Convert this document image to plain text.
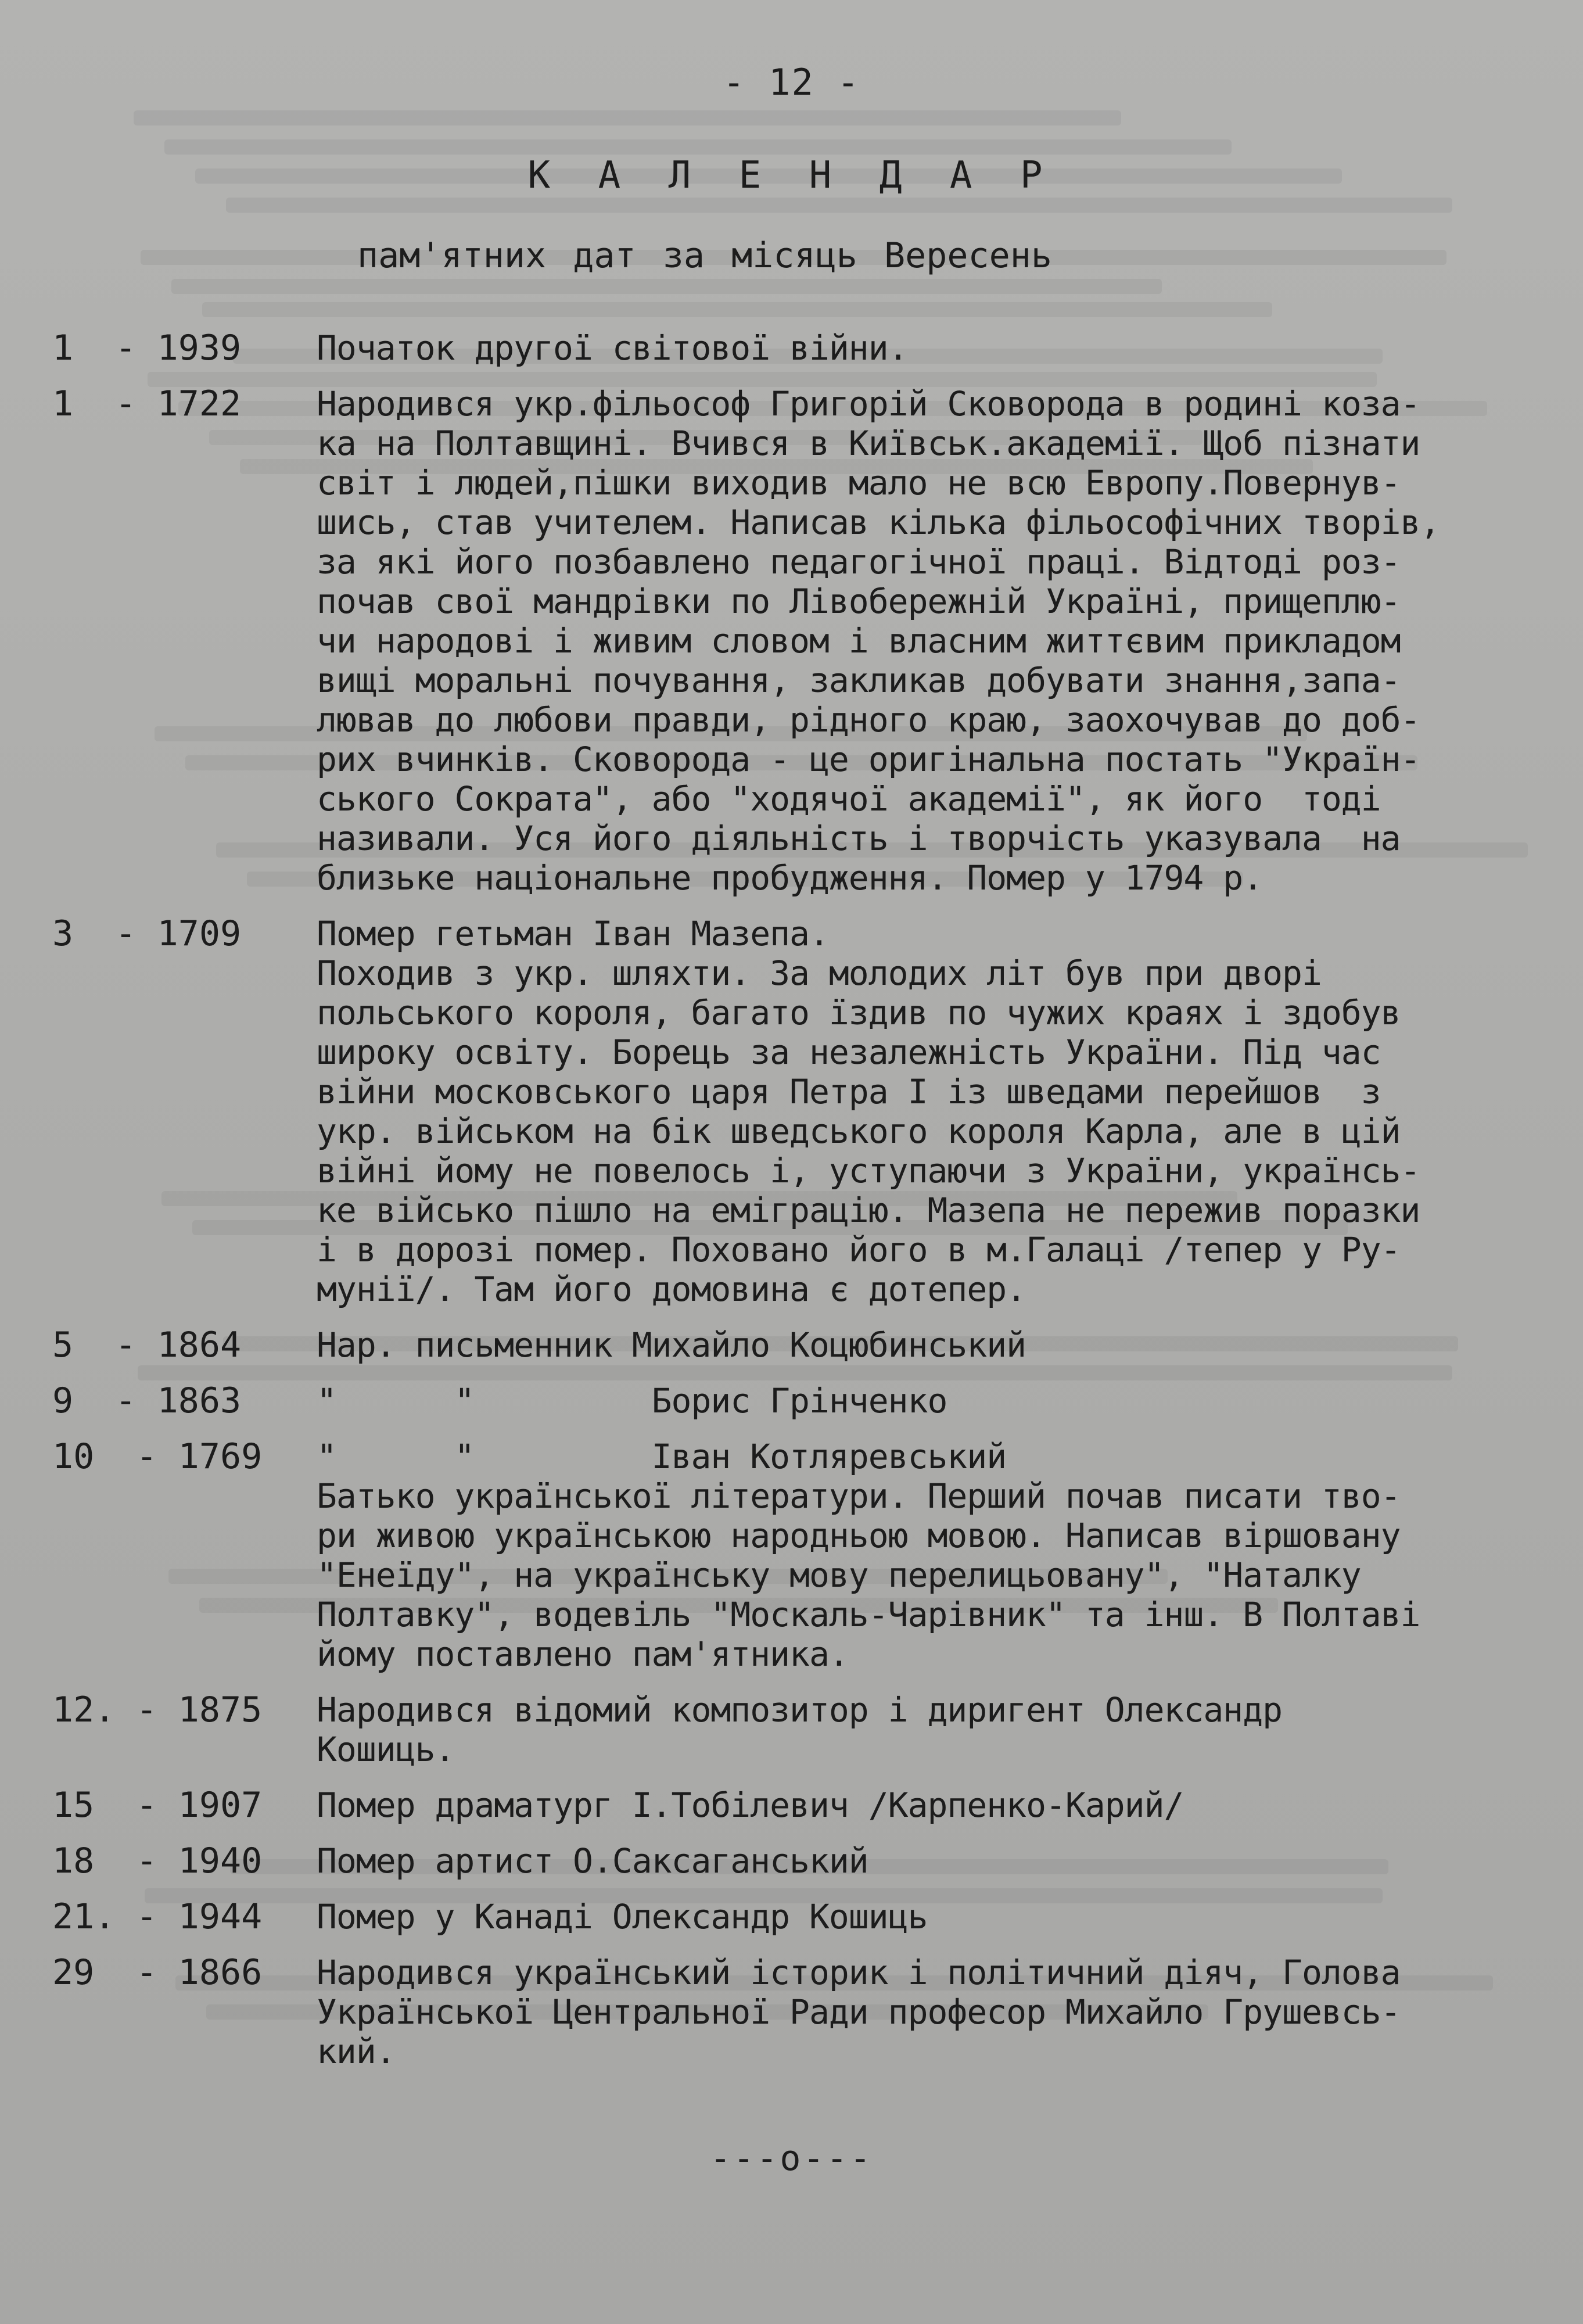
- 12 -
К А Л Е Н Д А Р
пам'ятних дат за місяць Вересень
1  - 1939	Початок другої світової війни.
1  - 1722	Народився укр.фільософ Григорій Сковорода в родині коза-
ка на Полтавщині. Вчився в Київськ.академії. Щоб пізнати
світ і людей,пішки виходив мало не всю Европу.Повернув-
шись, став учителем. Написав кілька фільософічних творів,
за які його позбавлено педагогічної праці. Відтоді роз-
почав свої мандрівки по Лівобережній Україні, прищеплю-
чи народові і живим словом і власним життєвим прикладом
вищі моральні почування, закликав добувати знання,запа-
лював до любови правди, рідного краю, заохочував до доб-
рих вчинків. Сковорода - це оригінальна постать "Україн-
ського Сократа", або "ходячої академії", як його  тоді
називали. Уся його діяльність і творчість указувала  на
близьке національне пробудження. Помер у 1794 р.
3  - 1709	Помер гетьман Іван Мазепа.
Походив з укр. шляхти. За молодих літ був при дворі
польського короля, багато їздив по чужих краях і здобув
широку освіту. Борець за незалежність України. Під час
війни московського царя Петра І із шведами перейшов  з
укр. військом на бік шведського короля Карла, але в цій
війні йому не повелось і, уступаючи з України, українсь-
ке військо пішло на еміграцію. Мазепа не пережив поразки
і в дорозі помер. Поховано його в м.Галаці /тепер у Ру-
мунії/. Там його домовина є дотепер.
5  - 1864	Нар. письменник Михайло Коцюбинський
9  - 1863	"      "         Борис Грінченко
10  - 1769	"      "         Іван Котляревський
Батько української літератури. Перший почав писати тво-
ри живою українською народньою мовою. Написав віршовану
"Енеїду", на українську мову перелицьовану", "Наталку
Полтавку", водевіль "Москаль-Чарівник" та інш. В Полтаві
йому поставлено пам'ятника.
12. - 1875	Народився відомий композитор і диригент Олександр
Кошиць.
15  - 1907	Помер драматург І.Тобілевич /Карпенко-Карий/
18  - 1940	Помер артист О.Саксаганський
21. - 1944	Помер у Канаді Олександр Кошиць
29  - 1866	Народився український історик і політичний діяч, Голова
Української Центральної Ради професор Михайло Грушевсь-
кий.
---о---
